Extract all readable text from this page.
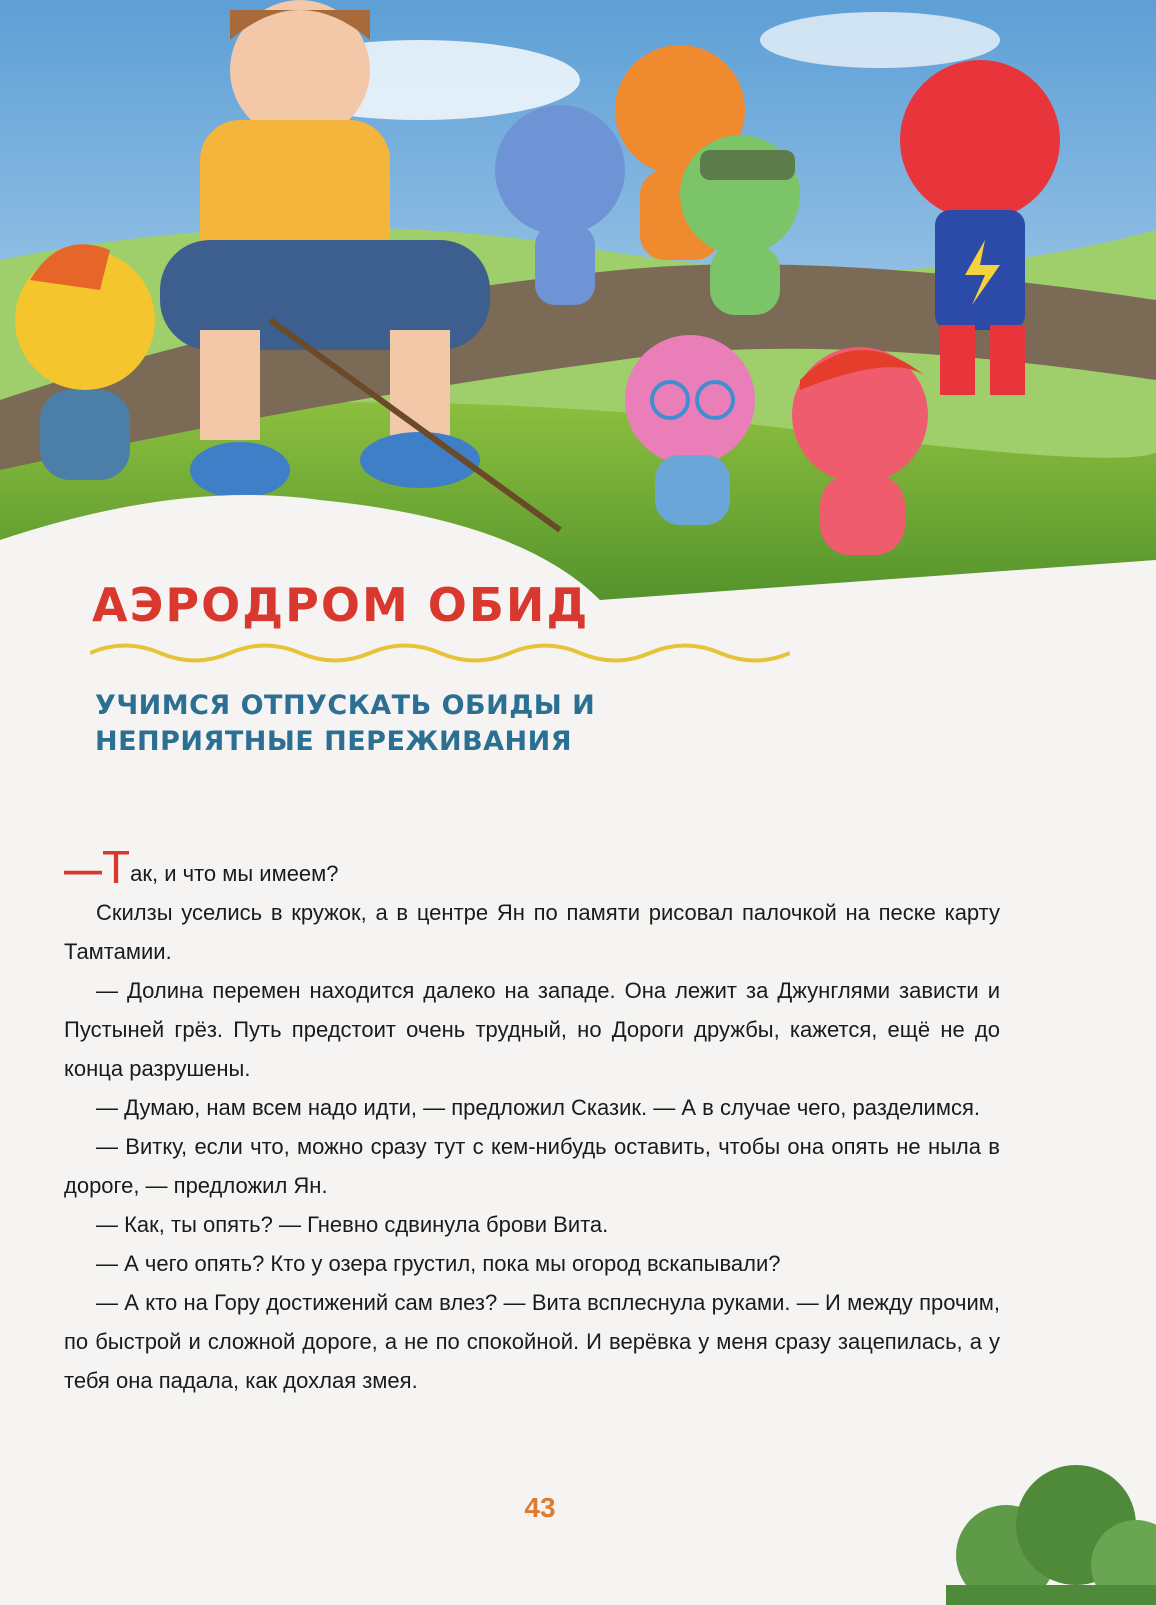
АЭРОДРОМ ОБИД
УЧИМСЯ ОТПУСКАТЬ ОБИДЫ И НЕПРИЯТНЫЕ ПЕРЕЖИВАНИЯ

—Так, и что мы имеем?

Скилзы уселись в кружок, а в центре Ян по памяти рисовал палочкой на песке карту Тамтамии.

— Долина перемен находится далеко на западе. Она лежит за Джунглями зависти и Пустыней грёз. Путь предстоит очень трудный, но Дороги дружбы, кажется, ещё не до конца разрушены.

— Думаю, нам всем надо идти, — предложил Сказик. — А в случае чего, разделимся.

— Витку, если что, можно сразу тут с кем-нибудь оставить, чтобы она опять не ныла в дороге, — предложил Ян.

— Как, ты опять? — Гневно сдвинула брови Вита.

— А чего опять? Кто у озера грустил, пока мы огород вскапывали?

— А кто на Гору достижений сам влез? — Вита всплеснула руками. — И между прочим, по быстрой и сложной дороге, а не по спокойной. И верёвка у меня сразу зацепилась, а у тебя она падала, как дохлая змея.

43
